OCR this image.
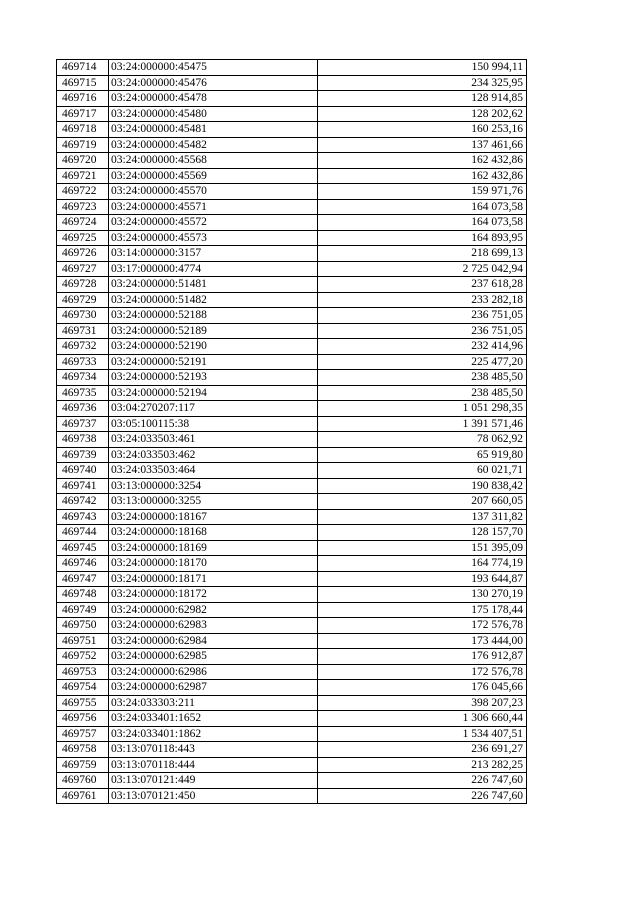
469714	03:24:000000:45475	150 994,11
469715	03:24:000000:45476	234 325,95
469716	03:24:000000:45478	128 914,85
469717	03:24:000000:45480	128 202,62
469718	03:24:000000:45481	160 253,16
469719	03:24:000000:45482	137 461,66
469720	03:24:000000:45568	162 432,86
469721	03:24:000000:45569	162 432,86
469722	03:24:000000:45570	159 971,76
469723	03:24:000000:45571	164 073,58
469724	03:24:000000:45572	164 073,58
469725	03:24:000000:45573	164 893,95
469726	03:14:000000:3157	218 699,13
469727	03:17:000000:4774	2 725 042,94
469728	03:24:000000:51481	237 618,28
469729	03:24:000000:51482	233 282,18
469730	03:24:000000:52188	236 751,05
469731	03:24:000000:52189	236 751,05
469732	03:24:000000:52190	232 414,96
469733	03:24:000000:52191	225 477,20
469734	03:24:000000:52193	238 485,50
469735	03:24:000000:52194	238 485,50
469736	03:04:270207:117	1 051 298,35
469737	03:05:100115:38	1 391 571,46
469738	03:24:033503:461	78 062,92
469739	03:24:033503:462	65 919,80
469740	03:24:033503:464	60 021,71
469741	03:13:000000:3254	190 838,42
469742	03:13:000000:3255	207 660,05
469743	03:24:000000:18167	137 311,82
469744	03:24:000000:18168	128 157,70
469745	03:24:000000:18169	151 395,09
469746	03:24:000000:18170	164 774,19
469747	03:24:000000:18171	193 644,87
469748	03:24:000000:18172	130 270,19
469749	03:24:000000:62982	175 178,44
469750	03:24:000000:62983	172 576,78
469751	03:24:000000:62984	173 444,00
469752	03:24:000000:62985	176 912,87
469753	03:24:000000:62986	172 576,78
469754	03:24:000000:62987	176 045,66
469755	03:24:033303:211	398 207,23
469756	03:24:033401:1652	1 306 660,44
469757	03:24:033401:1862	1 534 407,51
469758	03:13:070118:443	236 691,27
469759	03:13:070118:444	213 282,25
469760	03:13:070121:449	226 747,60
469761	03:13:070121:450	226 747,60
